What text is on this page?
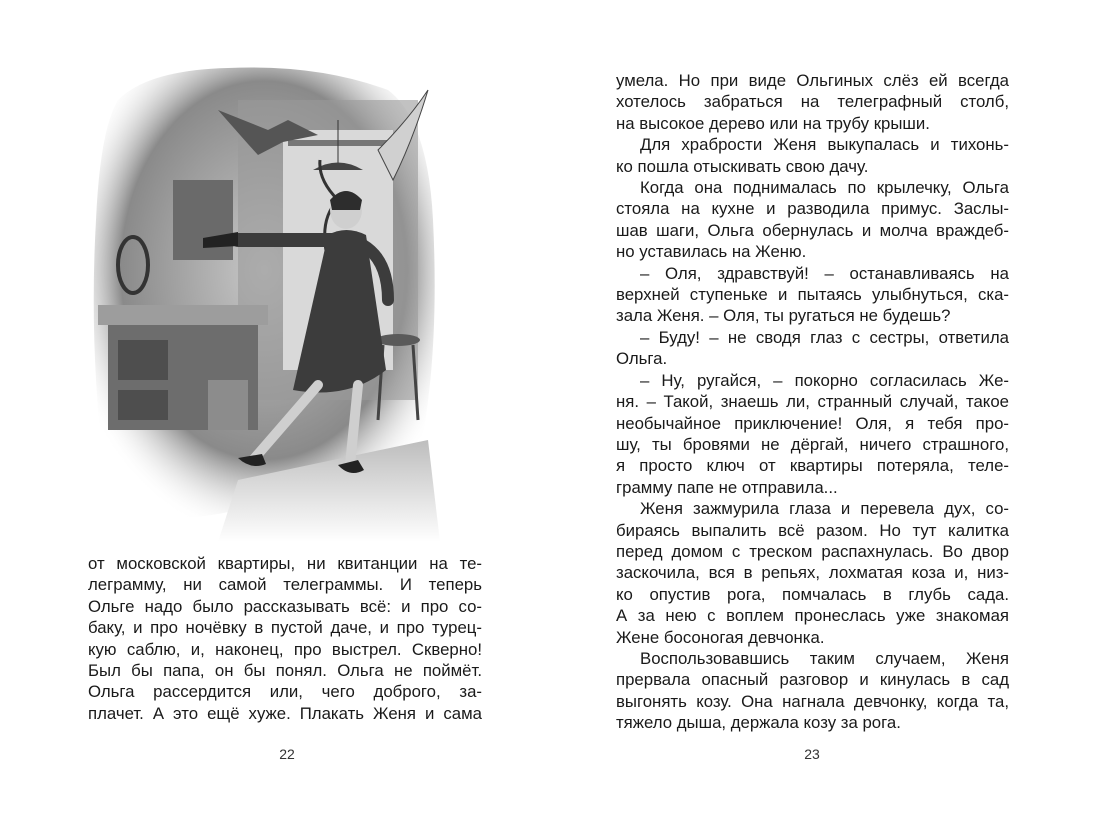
от московской квартиры, ни квитанции на те-

леграмму, ни самой телеграммы. И теперь

Ольге надо было рассказывать всё: и про со-

баку, и про ночёвку в пустой даче, и про турец-

кую саблю, и, наконец, про выстрел. Скверно!

Был бы папа, он бы понял. Ольга не поймёт.

Ольга рассердится или, чего доброго, за-

плачет. А это ещё хуже. Плакать Женя и сама

22

умела. Но при виде Ольгиных слёз ей всегда

хотелось забраться на телеграфный столб,

на высокое дерево или на трубу крыши.

Для храбрости Женя выкупалась и тихонь-

ко пошла отыскивать свою дачу.

Когда она поднималась по крылечку, Ольга

стояла на кухне и разводила примус. Заслы-

шав шаги, Ольга обернулась и молча враждеб-

но уставилась на Женю.

– Оля, здравствуй! – останавливаясь на

верхней ступеньке и пытаясь улыбнуться, ска-

зала Женя. – Оля, ты ругаться не будешь?

– Буду! – не сводя глаз с сестры, ответила

Ольга.

– Ну, ругайся, – покорно согласилась Же-

ня. – Такой, знаешь ли, странный случай, такое

необычайное приключение! Оля, я тебя про-

шу, ты бровями не дёргай, ничего страшного,

я просто ключ от квартиры потеряла, теле-

грамму папе не отправила...

Женя зажмурила глаза и перевела дух, со-

бираясь выпалить всё разом. Но тут калитка

перед домом с треском распахнулась. Во двор

заскочила, вся в репьях, лохматая коза и, низ-

ко опустив рога, помчалась в глубь сада.

А за нею с воплем пронеслась уже знакомая

Жене босоногая девчонка.

Воспользовавшись таким случаем, Женя

прервала опасный разговор и кинулась в сад

выгонять козу. Она нагнала девчонку, когда та,

тяжело дыша, держала козу за рога.

23
